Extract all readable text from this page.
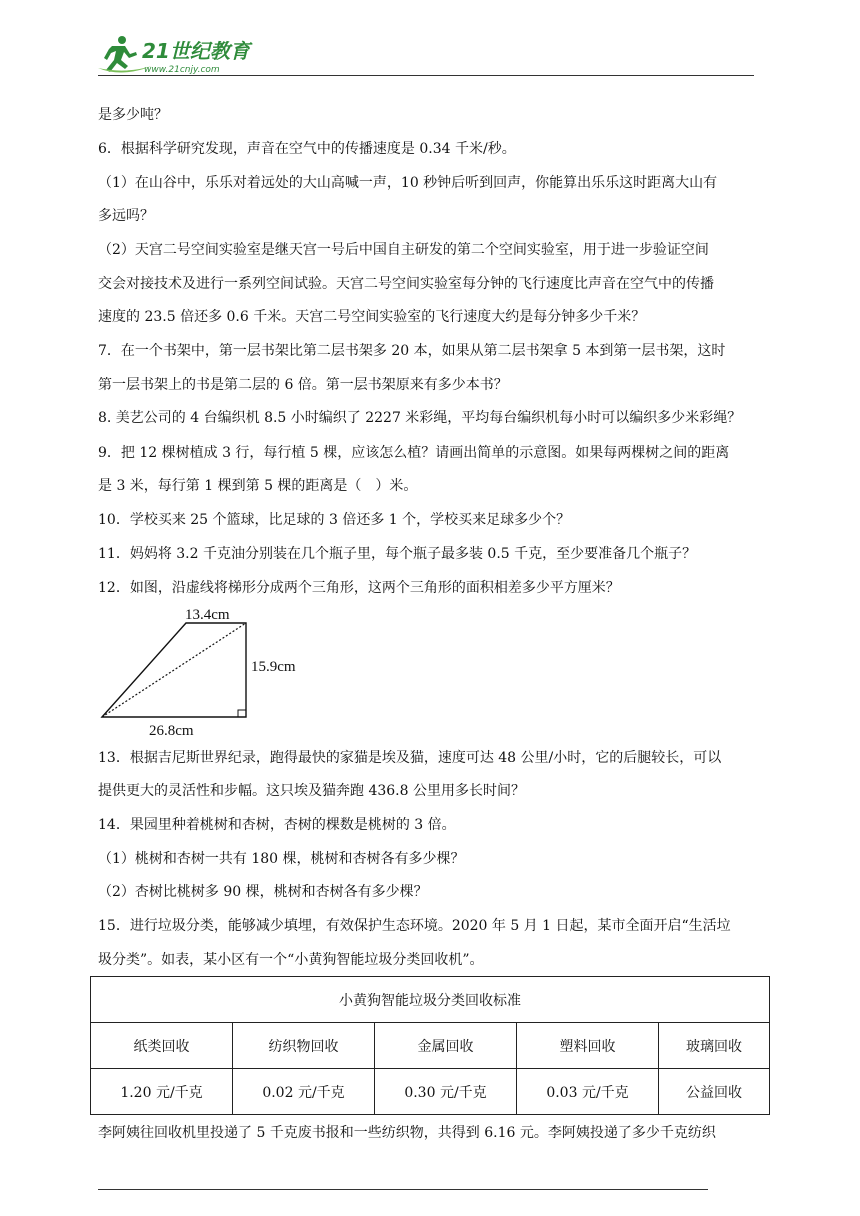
21世纪教育
www.21cnjy.com
是多少吨？
6．根据科学研究发现，声音在空气中的传播速度是 0.34 千米/秒。
（1）在山谷中，乐乐对着远处的大山高喊一声，10 秒钟后听到回声，你能算出乐乐这时距离大山有
多远吗？
（2）天宫二号空间实验室是继天宫一号后中国自主研发的第二个空间实验室，用于进一步验证空间
交会对接技术及进行一系列空间试验。天宫二号空间实验室每分钟的飞行速度比声音在空气中的传播
速度的 23.5 倍还多 0.6 千米。天宫二号空间实验室的飞行速度大约是每分钟多少千米？
7．在一个书架中，第一层书架比第二层书架多 20 本，如果从第二层书架拿 5 本到第一层书架，这时
第一层书架上的书是第二层的 6 倍。第一层书架原来有多少本书？
8. 美艺公司的 4 台编织机 8.5 小时编织了 2227 米彩绳，平均每台编织机每小时可以编织多少米彩绳？
9．把 12 棵树植成 3 行，每行植 5 棵，应该怎么植？请画出简单的示意图。如果每两棵树之间的距离
是 3 米，每行第 1 棵到第 5 棵的距离是（　）米。
10．学校买来 25 个篮球，比足球的 3 倍还多 1 个，学校买来足球多少个？
11．妈妈将 3.2 千克油分别装在几个瓶子里，每个瓶子最多装 0.5 千克，至少要准备几个瓶子？
12．如图，沿虚线将梯形分成两个三角形，这两个三角形的面积相差多少平方厘米？
13．根据吉尼斯世界纪录，跑得最快的家猫是埃及猫，速度可达 48 公里/小时，它的后腿较长，可以
提供更大的灵活性和步幅。这只埃及猫奔跑 436.8 公里用多长时间？
14．果园里种着桃树和杏树，杏树的棵数是桃树的 3 倍。
（1）桃树和杏树一共有 180 棵，桃树和杏树各有多少棵？
（2）杏树比桃树多 90 棵，桃树和杏树各有多少棵？
15．进行垃圾分类，能够减少填埋，有效保护生态环境。2020 年 5 月 1 日起，某市全面开启“生活垃
圾分类”。如表，某小区有一个“小黄狗智能垃圾分类回收机”。
李阿姨往回收机里投递了 5 千克废书报和一些纺织物，共得到 6.16 元。李阿姨投递了多少千克纺织
13.4cm
15.9cm
26.8cm
小黄狗智能垃圾分类回收标准				
纸类回收	纺织物回收	金属回收	塑料回收	玻璃回收
1.20 元/千克	0.02 元/千克	0.30 元/千克	0.03 元/千克	公益回收
